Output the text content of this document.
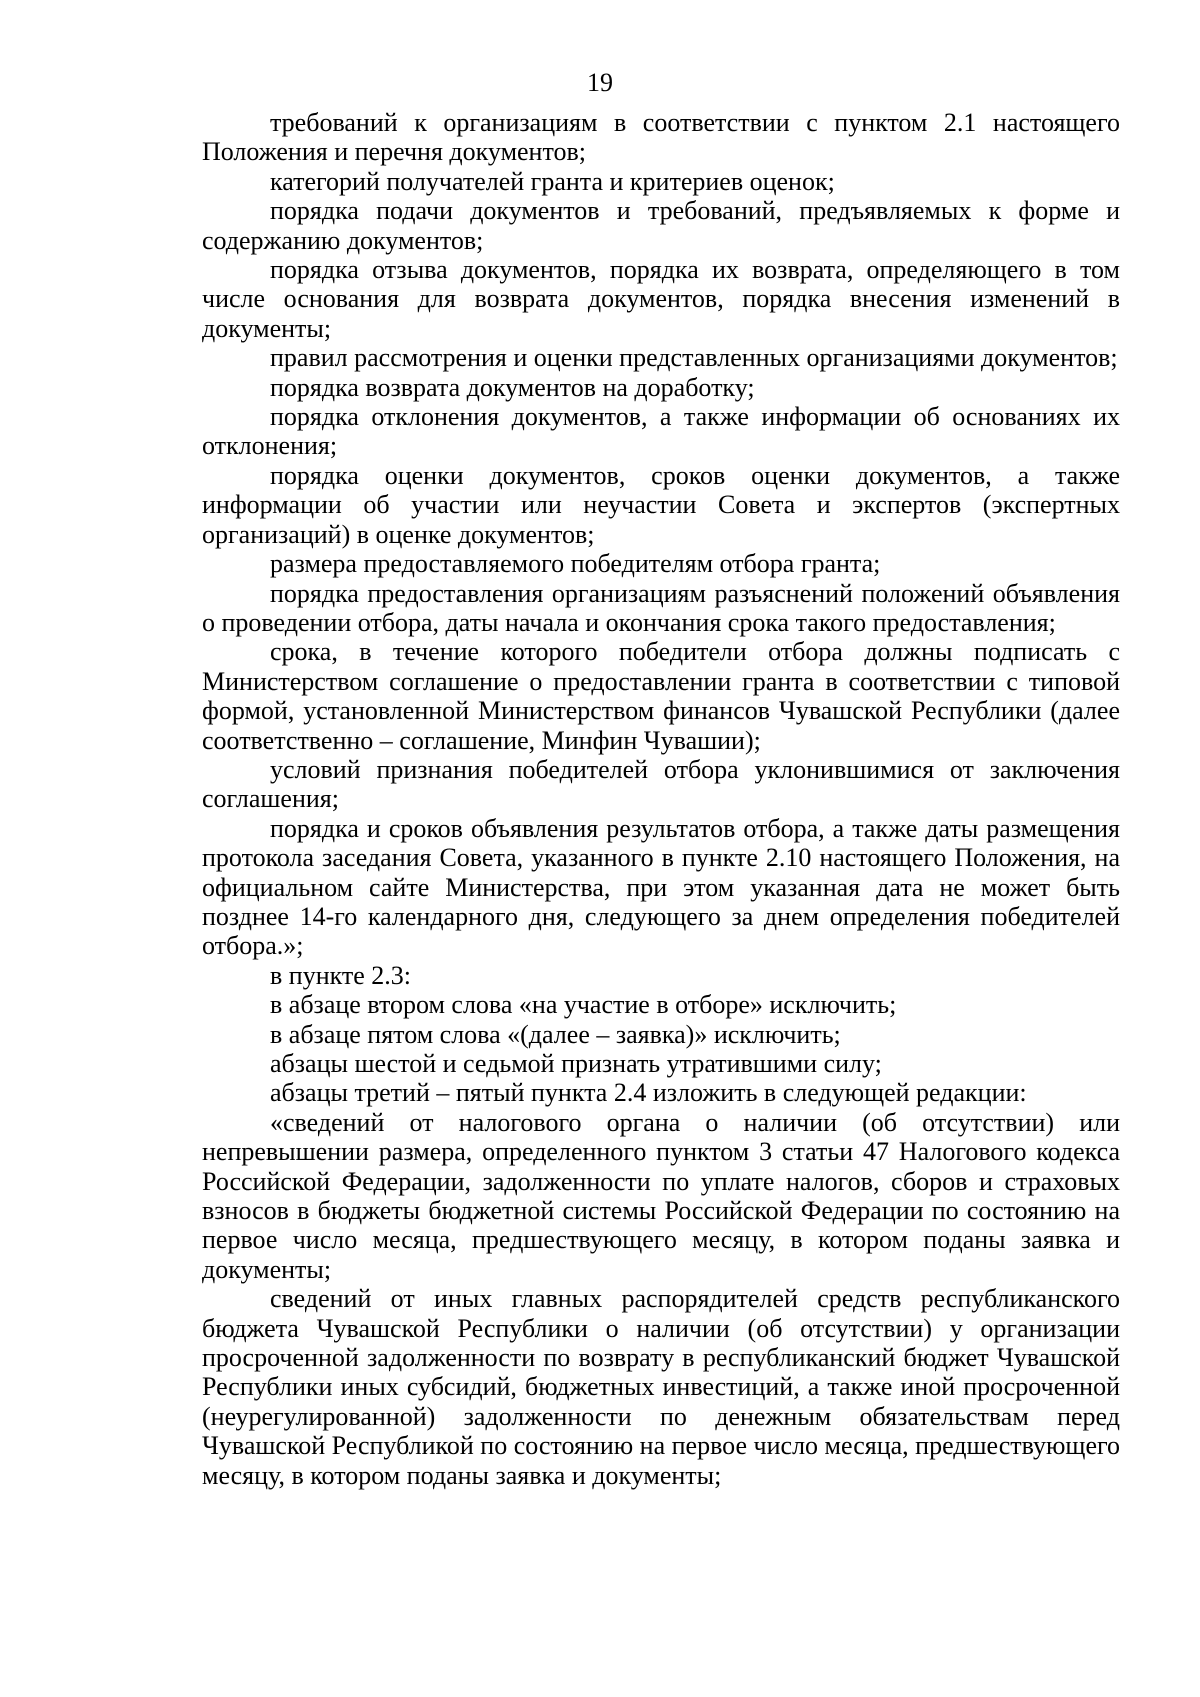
19

требований к организациям в соответствии с пунктом 2.1 настоящего Положения и перечня документов;

категорий получателей гранта и критериев оценок;

порядка подачи документов и требований, предъявляемых к форме и содержанию документов;

порядка отзыва документов, порядка их возврата, определяющего в том числе основания для возврата документов, порядка внесения изменений в документы;

правил рассмотрения и оценки представленных организациями документов;

порядка возврата документов на доработку;

порядка отклонения документов, а также информации об основаниях их отклонения;

порядка оценки документов, сроков оценки документов, а также информации об участии или неучастии Совета и экспертов (экспертных организаций) в оценке документов;

размера предоставляемого победителям отбора гранта;

порядка предоставления организациям разъяснений положений объявления о проведении отбора, даты начала и окончания срока такого предоставления;

срока, в течение которого победители отбора должны подписать с Министерством соглашение о предоставлении гранта в соответствии с типовой формой, установленной Министерством финансов Чувашской Республики (далее соответственно – соглашение, Минфин Чувашии);

условий признания победителей отбора уклонившимися от заключения соглашения;

порядка и сроков объявления результатов отбора, а также даты размещения протокола заседания Совета, указанного в пункте 2.10 настоящего Положения, на официальном сайте Министерства, при этом указанная дата не может быть позднее 14-го календарного дня, следующего за днем определения победителей отбора.»;

в пункте 2.3:

в абзаце втором слова «на участие в отборе» исключить;

в абзаце пятом слова «(далее – заявка)» исключить;

абзацы шестой и седьмой признать утратившими силу;

абзацы третий – пятый пункта 2.4 изложить в следующей редакции:

«сведений от налогового органа о наличии (об отсутствии) или непревышении размера, определенного пунктом 3 статьи 47 Налогового кодекса Российской Федерации, задолженности по уплате налогов, сборов и страховых взносов в бюджеты бюджетной системы Российской Федерации по состоянию на первое число месяца, предшествующего месяцу, в котором поданы заявка и документы;

сведений от иных главных распорядителей средств республиканского бюджета Чувашской Республики о наличии (об отсутствии) у организации просроченной задолженности по возврату в республиканский бюджет Чувашской Республики иных субсидий, бюджетных инвестиций, а также иной просроченной (неурегулированной) задолженности по денежным обязательствам перед Чувашской Республикой по состоянию на первое число месяца, предшествующего месяцу, в котором поданы заявка и документы;
